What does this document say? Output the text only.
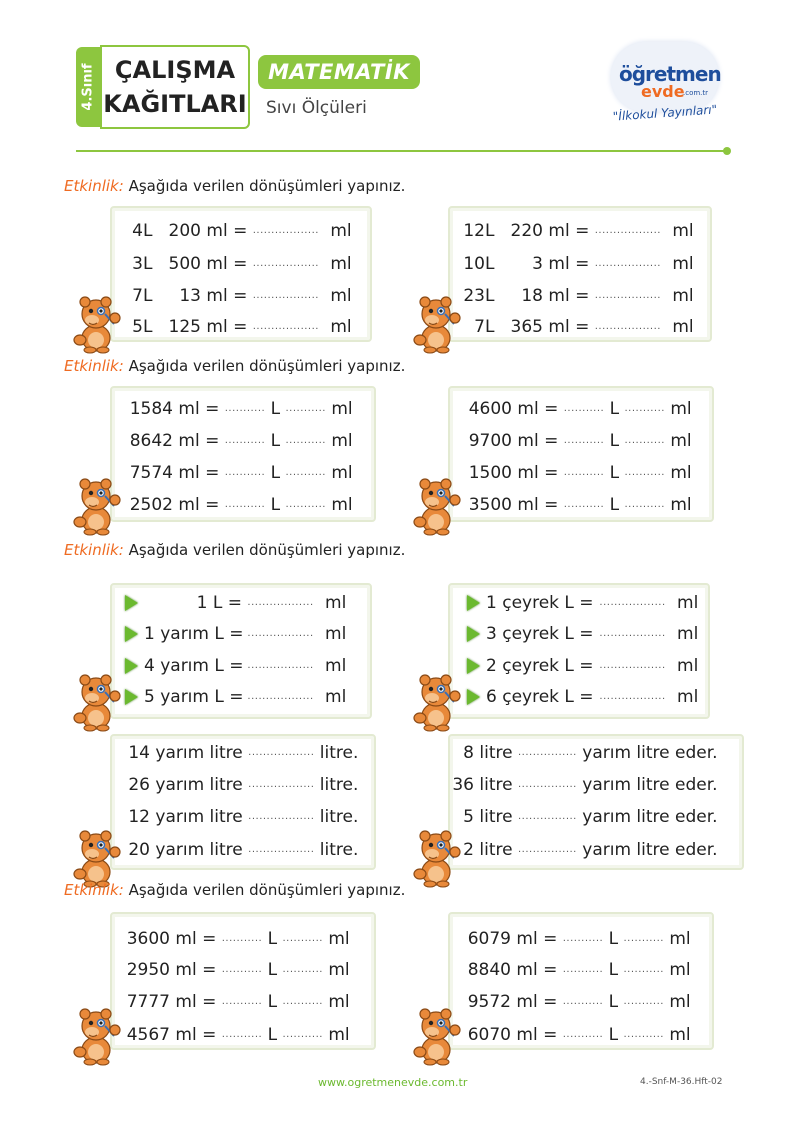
4.Sınıf ÇALIŞMA
KAĞITLARI
MATEMATİK
Sıvı Ölçüleri
öğretmen
evde
.com.tr
"İlkokul Yayınları"
Etkinlik: Aşağıda verilen dönüşümleri yapınız.
4L 200 ml = .................. ml
3L 500 ml = .................. ml
7L 13 ml = .................. ml
5L 125 ml = .................. ml
12L 220 ml = .................. ml
10L 3 ml = .................. ml
23L 18 ml = .................. ml
7L 365 ml = .................. ml
Etkinlik: Aşağıda verilen dönüşümleri yapınız.
1584 ml = ........... L ........... ml
8642 ml = ........... L ........... ml
7574 ml = ........... L ........... ml
2502 ml = ........... L ........... ml
4600 ml = ........... L ........... ml
9700 ml = ........... L ........... ml
1500 ml = ........... L ........... ml
3500 ml = ........... L ........... ml
Etkinlik: Aşağıda verilen dönüşümleri yapınız.
1 L = .................. ml
1 yarım L = .................. ml
4 yarım L = .................. ml
5 yarım L = .................. ml
1 çeyrek L = .................. ml
3 çeyrek L = .................. ml
2 çeyrek L = .................. ml
6 çeyrek L = .................. ml
14 yarım litre .................. litre.
26 yarım litre .................. litre.
12 yarım litre .................. litre.
20 yarım litre .................. litre.
8 litre ................ yarım litre eder.
36 litre ................ yarım litre eder.
5 litre ................ yarım litre eder.
2 litre ................ yarım litre eder.
Etkinlik: Aşağıda verilen dönüşümleri yapınız.
3600 ml = ........... L ........... ml
2950 ml = ........... L ........... ml
7777 ml = ........... L ........... ml
4567 ml = ........... L ........... ml
6079 ml = ........... L ........... ml
8840 ml = ........... L ........... ml
9572 ml = ........... L ........... ml
6070 ml = ........... L ........... ml
www.ogretmenevde.com.tr	4.-Snf-M-36.Hft-02
